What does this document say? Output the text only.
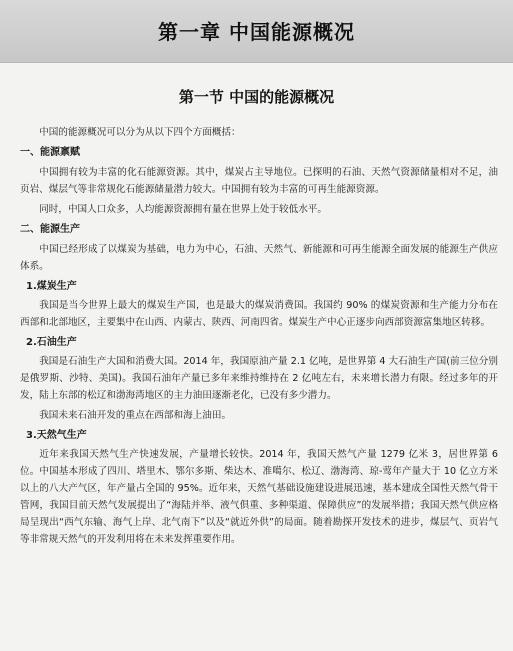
第一章 中国能源概况
第一节 中国的能源概况

中国的能源概况可以分为从以下四个方面概括：

一、能源禀赋

中国拥有较为丰富的化石能源资源。其中，煤炭占主导地位。已探明的石油、天然气资源储量相对不足，油页岩、煤层气等非常规化石能源储量潜力较大。中国拥有较为丰富的可再生能源资源。

同时，中国人口众多，人均能源资源拥有量在世界上处于较低水平。

二、能源生产

中国已经形成了以煤炭为基础，电力为中心，石油、天然气、新能源和可再生能源全面发展的能源生产供应体系。

1.煤炭生产

我国是当今世界上最大的煤炭生产国，也是最大的煤炭消费国。我国约 90% 的煤炭资源和生产能力分布在西部和北部地区，主要集中在山西、内蒙古、陕西、河南四省。煤炭生产中心正逐步向西部资源富集地区转移。

2.石油生产

我国是石油生产大国和消费大国。2014 年，我国原油产量 2.1 亿吨，是世界第 4 大石油生产国(前三位分别是俄罗斯、沙特、美国)。我国石油年产量已多年来维持维持在 2 亿吨左右，未来增长潜力有限。经过多年的开发，陆上东部的松辽和渤海湾地区的主力油田逐渐老化，已没有多少潜力。

我国未来石油开发的重点在西部和海上油田。

3.天然气生产

近年来我国天然气生产快速发展，产量增长较快。2014 年，我国天然气产量 1279 亿米 3，居世界第 6 位。中国基本形成了四川、塔里木、鄂尔多斯、柴达木、准噶尔、松辽、渤海湾、琼-莺年产量大于 10 亿立方米以上的八大产气区，年产量占全国的 95%。近年来，天然气基础设施建设进展迅速，基本建成全国性天然气骨干管网，我国目前天然气发展提出了“海陆并举、液气俱重、多种渠道、保障供应”的发展举措；我国天然气供应格局呈现出“西气东输、海气上岸、北气南下”以及“就近外供”的局面。随着勘探开发技术的进步，煤层气、页岩气等非常规天然气的开发利用将在未来发挥重要作用。
